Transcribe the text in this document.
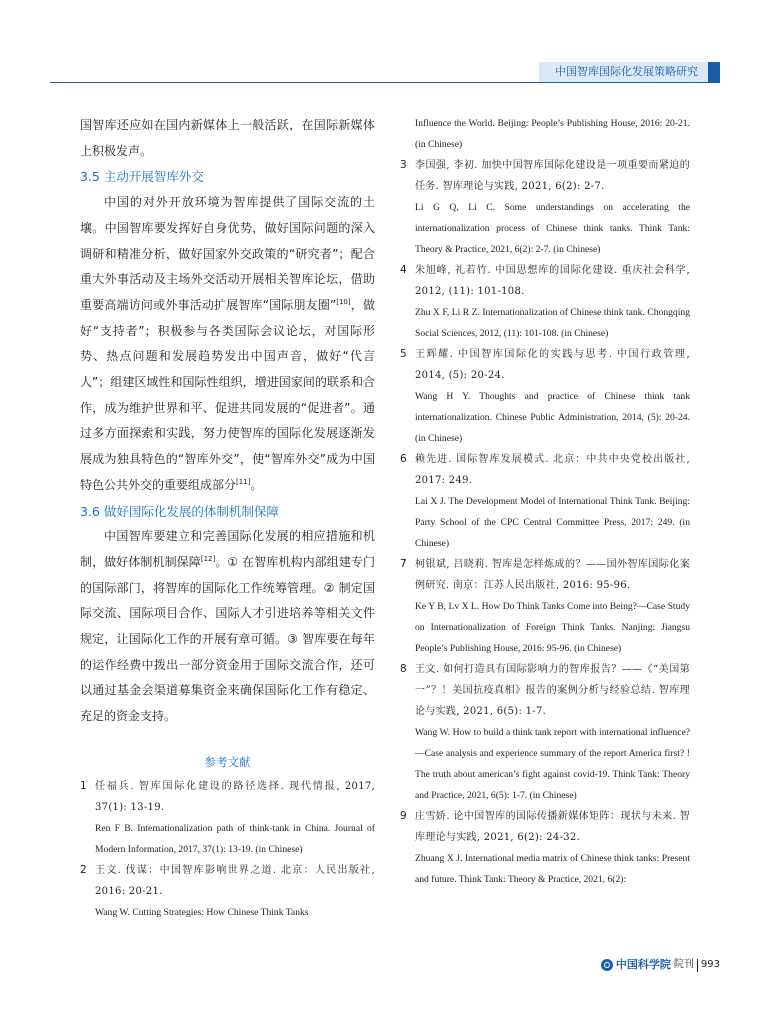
中国智库国际化发展策略研究

国智库还应如在国内新媒体上一般活跃，在国际新媒体上积极发声。

3.5 主动开展智库外交

中国的对外开放环境为智库提供了国际交流的土壤。中国智库要发挥好自身优势，做好国际问题的深入调研和精准分析，做好国家外交政策的“研究者”；配合重大外事活动及主场外交活动开展相关智库论坛，借助重要高端访问或外事活动扩展智库“国际朋友圈”[10]，做好“支持者”；积极参与各类国际会议论坛，对国际形势、热点问题和发展趋势发出中国声音，做好“代言人”；组建区域性和国际性组织，增进国家间的联系和合作，成为维护世界和平、促进共同发展的“促进者”。通过多方面探索和实践，努力使智库的国际化发展逐渐发展成为独具特色的“智库外交”，使“智库外交”成为中国特色公共外交的重要组成部分[11]。

3.6 做好国际化发展的体制机制保障

中国智库要建立和完善国际化发展的相应措施和机制，做好体制机制保障[12]。① 在智库机构内部组建专门的国际部门，将智库的国际化工作统筹管理。② 制定国际交流、国际项目合作、国际人才引进培养等相关文件规定，让国际化工作的开展有章可循。③ 智库要在每年的运作经费中拨出一部分资金用于国际交流合作，还可以通过基金会渠道募集资金来确保国际化工作有稳定、充足的资金支持。

参考文献
1 任福兵. 智库国际化建设的路径选择. 现代情报, 2017, 37(1): 13-19.

Ren F B. Internationalization path of think-tank in China. Journal of Modern Information, 2017, 37(1): 13-19. (in Chinese)

2 王文. 伐谋：中国智库影响世界之道. 北京：人民出版社, 2016: 20-21.

Wang W. Cutting Strategies: How Chinese Think Tanks

Influence the World. Beijing: People’s Publishing House, 2016: 20-21. (in Chinese)

3 李国强, 李初. 加快中国智库国际化建设是一项重要而紧迫的任务. 智库理论与实践, 2021, 6(2): 2-7.

Li G Q, Li C. Some understandings on accelerating the internationalization process of Chinese think tanks. Think Tank: Theory & Practice, 2021, 6(2): 2-7. (in Chinese)

4 朱旭峰, 礼若竹. 中国思想库的国际化建设. 重庆社会科学, 2012, (11): 101-108.

Zhu X F, Li R Z. Internationalization of Chinese think tank. Chongqing Social Sciences, 2012, (11): 101-108. (in Chinese)

5 王辉耀. 中国智库国际化的实践与思考. 中国行政管理, 2014, (5): 20-24.

Wang H Y. Thoughts and practice of Chinese think tank internationalization. Chinese Public Administration, 2014, (5): 20-24. (in Chinese)

6 赖先进. 国际智库发展模式. 北京：中共中央党校出版社, 2017: 249.

Lai X J. The Development Model of International Think Tank. Beijing: Party School of the CPC Central Committee Press, 2017: 249. (in Chinese)

7 柯银斌, 吕晓莉. 智库是怎样炼成的？——国外智库国际化案例研究. 南京：江苏人民出版社, 2016: 95-96.

Ke Y B, Lv X L. How Do Think Tanks Come into Being?—Case Study on Internationalization of Foreign Think Tanks. Nanjing: Jiangsu People’s Publishing House, 2016: 95-96. (in Chinese)

8 王文. 如何打造具有国际影响力的智库报告？——《“美国第一”？！美国抗疫真相》报告的案例分析与经验总结. 智库理论与实践, 2021, 6(5): 1-7.

Wang W. How to build a think tank report with international influence?—Case analysis and experience summary of the report America first? ! The truth about american’s fight against covid-19. Think Tank: Theory and Practice, 2021, 6(5): 1-7. (in Chinese)

9 庄雪娇. 论中国智库的国际传播新媒体矩阵：现状与未来. 智库理论与实践, 2021, 6(2): 24-32.

Zhuang X J. International media matrix of Chinese think tanks: Present and future. Think Tank: Theory & Practice, 2021, 6(2):

中国科学院 院刊 993
